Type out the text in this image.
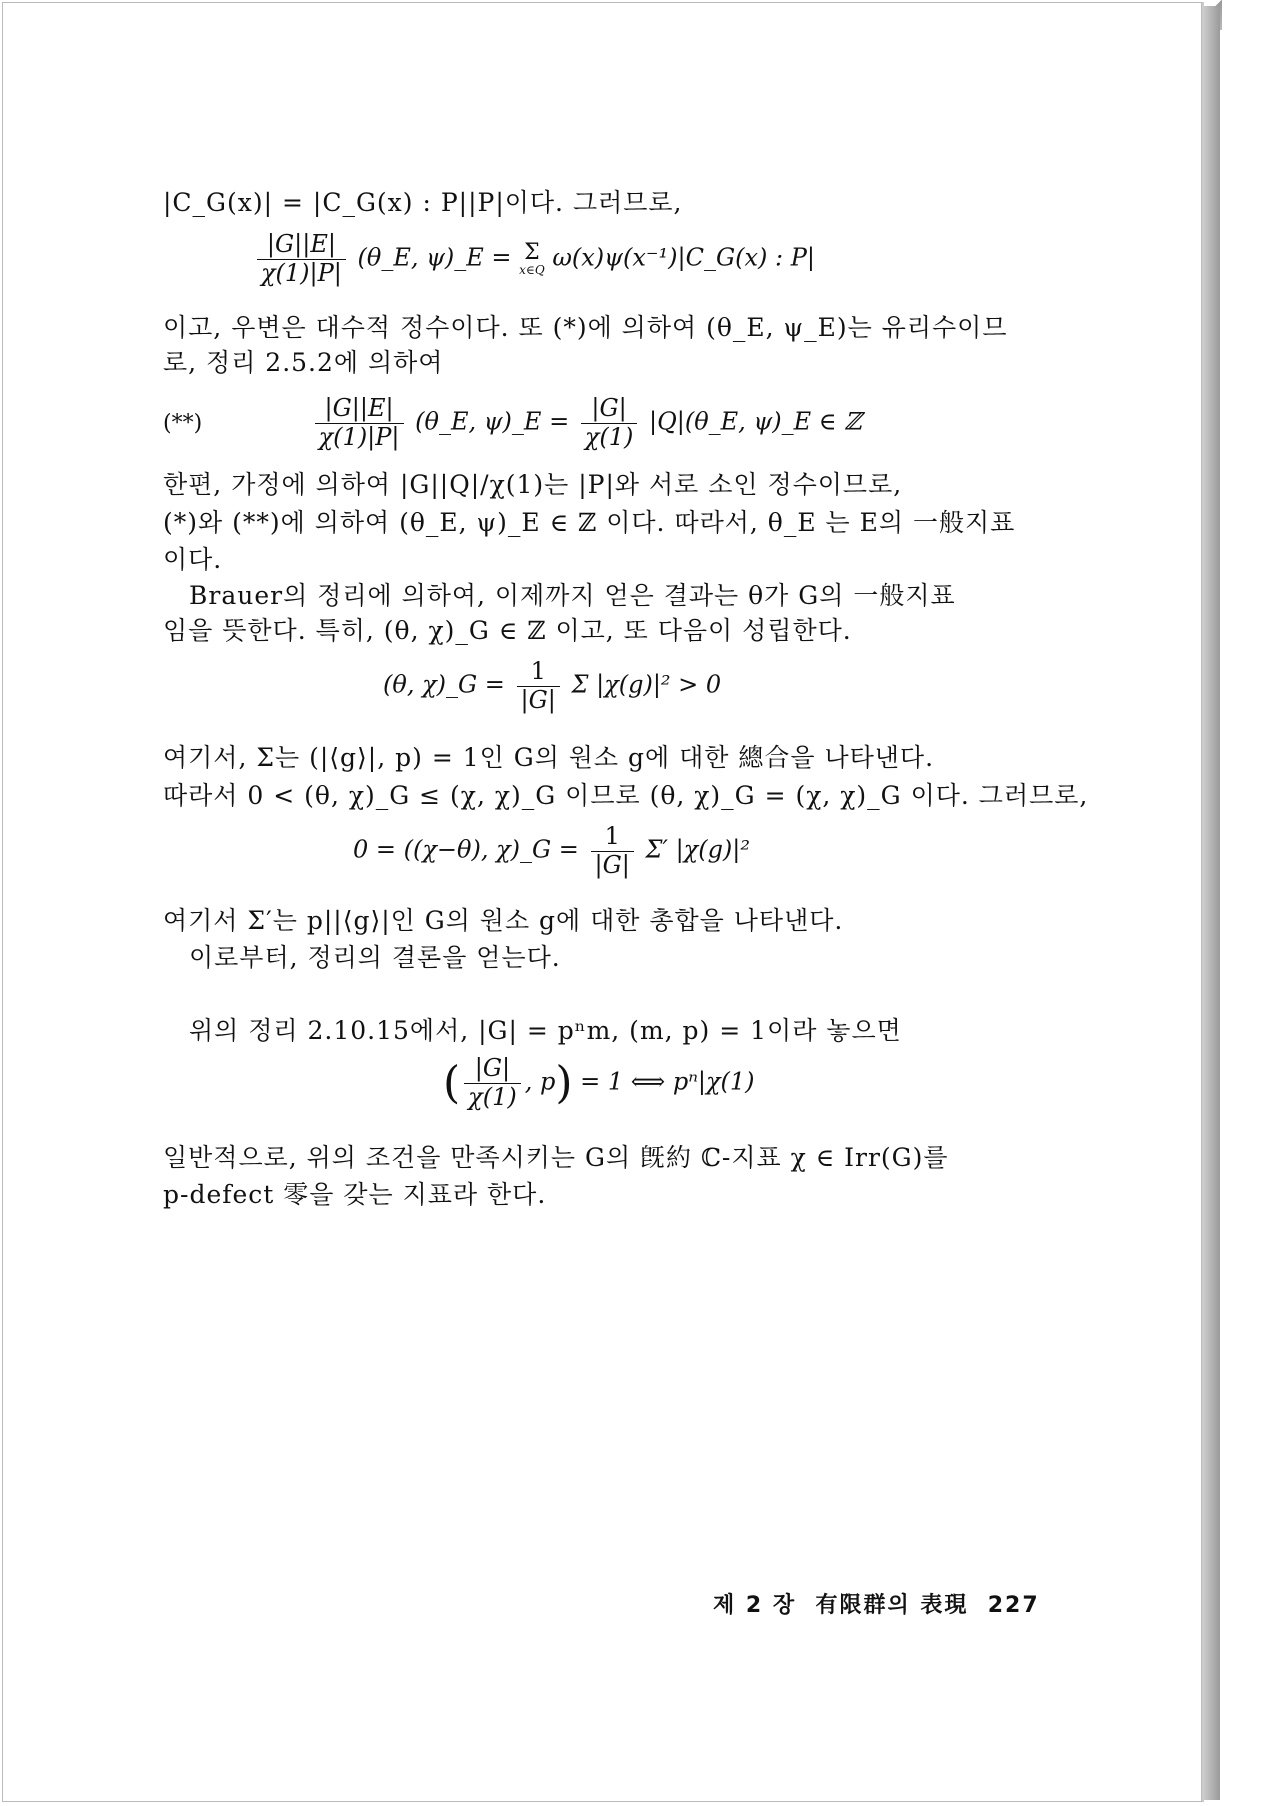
|C_G(x)| = |C_G(x) : P||P|이다. 그러므로,
$\frac{|G||E|}{\chi(1)|P|}$ (θ_E, ψ)_E = Σ
x∈Q ω(x)ψ(x⁻¹)|C_G(x) : P|
이고, 우변은 대수적 정수이다. 또 (*)에 의하여 (θ_E, ψ_E)는 유리수이므
로, 정리 2.5.2에 의하여
(**)	$\frac{|G||E|}{\chi(1)|P|}$ (θ_E, ψ)_E = $\frac{|G|}{\chi(1)}$ |Q|(θ_E, ψ)_E ∈ ℤ
한편, 가정에 의하여 |G||Q|/χ(1)는 |P|와 서로 소인 정수이므로,
(*)와 (**)에 의하여 (θ_E, ψ)_E ∈ ℤ 이다. 따라서, θ_E 는 E의 一般지표
이다.
Brauer의 정리에 의하여, 이제까지 얻은 결과는 θ가 G의 一般지표
임을 뜻한다. 특히, (θ, χ)_G ∈ ℤ 이고, 또 다음이 성립한다.
(θ, χ)_G = $\frac{1}{|G|}$ Σ |χ(g)|² > 0
여기서, Σ는 (|⟨g⟩|, p) = 1인 G의 원소 g에 대한 總合을 나타낸다.
따라서 0 < (θ, χ)_G ≤ (χ, χ)_G 이므로 (θ, χ)_G = (χ, χ)_G 이다. 그러므로,
0 = ((χ−θ), χ)_G = $\frac{1}{|G|} \Sigma'$ |χ(g)|²
여기서 Σ′는 p||⟨g⟩|인 G의 원소 g에 대한 총합을 나타낸다.
이로부터, 정리의 결론을 얻는다.
위의 정리 2.10.15에서, |G| = pⁿm, (m, p) = 1이라 놓으면
( $\frac{|G|}{\chi(1)}$ , p) = 1 ⟺ pⁿ|χ(1)
일반적으로, 위의 조건을 만족시키는 G의 旣約 ℂ-지표 χ ∈ Irr(G)를
p-defect 零을 갖는 지표라 한다.
제 2 장 有限群의 表現 227
